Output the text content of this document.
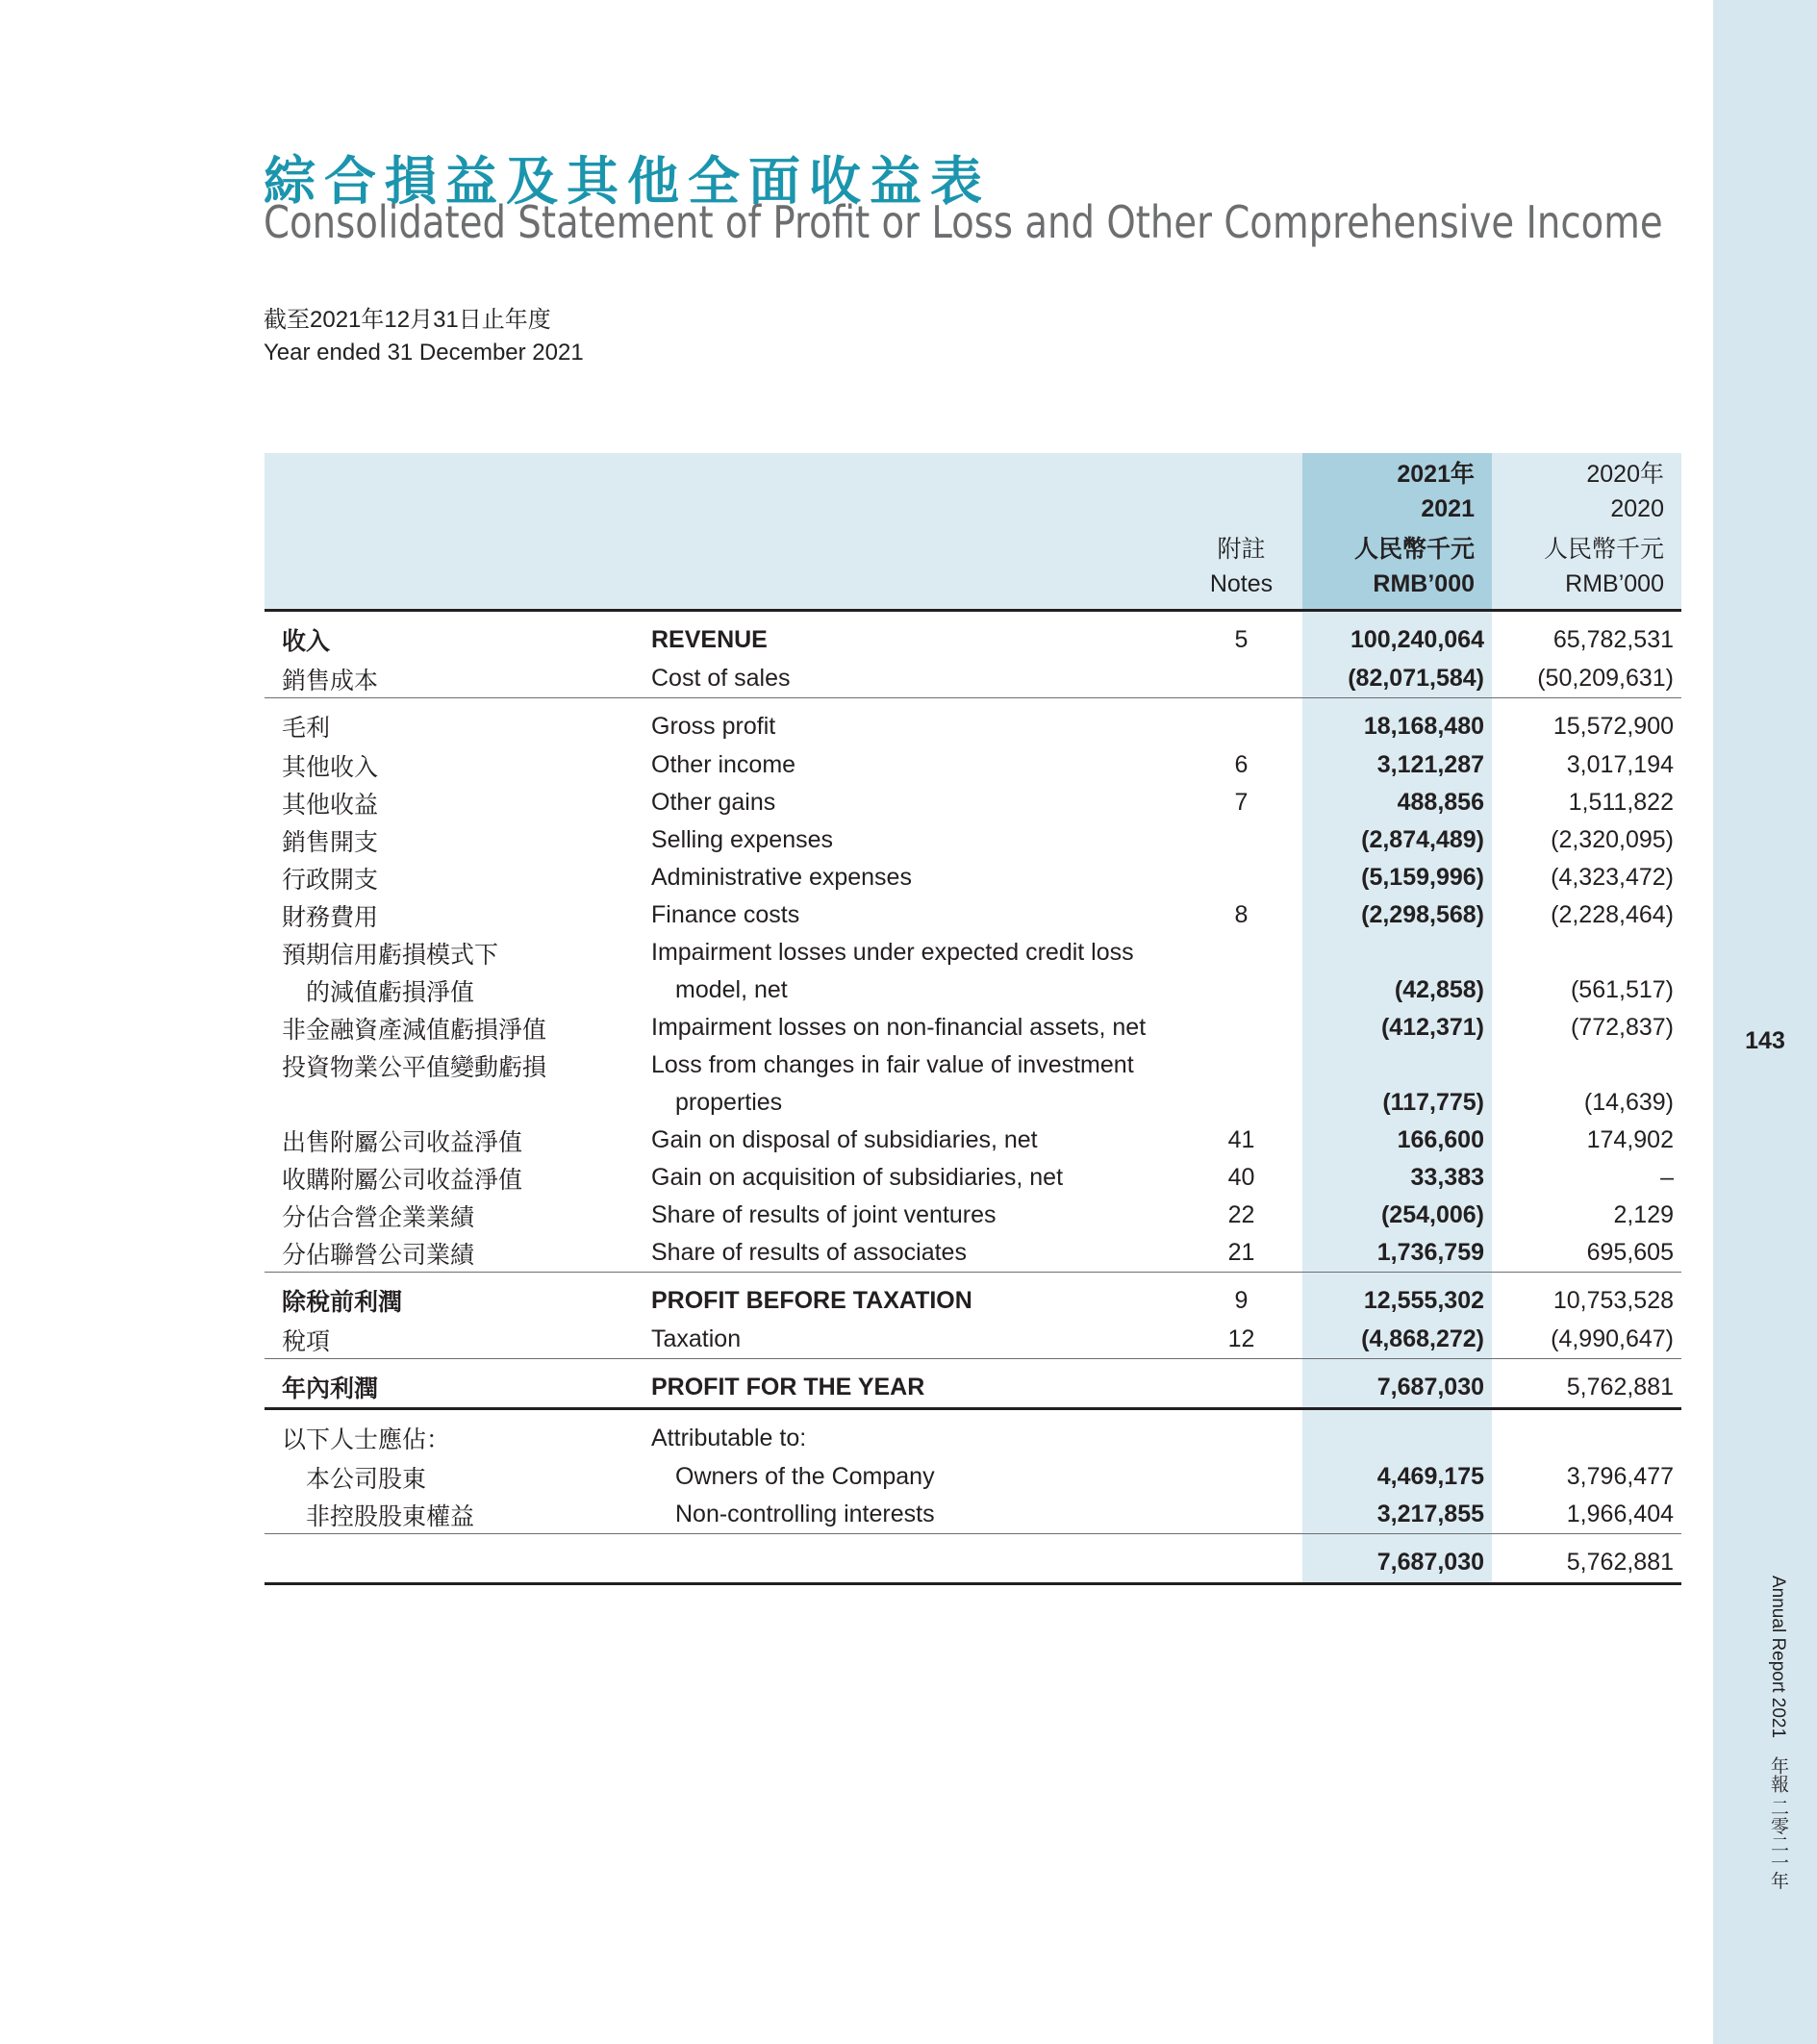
143
Annual Report 2021　年報 二零二一年
綜合損益及其他全面收益表
Consolidated Statement of Profit or Loss and Other Comprehensive Income
截至2021年12月31日止年度
Year ended 31 December 2021
			2021年	2020年
			2021	2020
		附註	人民幣千元	人民幣千元
		Notes	RMB’000	RMB’000
收入	REVENUE	5	100,240,064	65,782,531
銷售成本	Cost of sales		(82,071,584)	(50,209,631)
毛利	Gross profit		18,168,480	15,572,900
其他收入	Other income	6	3,121,287	3,017,194
其他收益	Other gains	7	488,856	1,511,822
銷售開支	Selling expenses		(2,874,489)	(2,320,095)
行政開支	Administrative expenses		(5,159,996)	(4,323,472)
財務費用	Finance costs	8	(2,298,568)	(2,228,464)
預期信用虧損模式下	Impairment losses under expected credit loss			
的減值虧損淨值	model, net		(42,858)	(561,517)
非金融資產減值虧損淨值	Impairment losses on non-financial assets, net		(412,371)	(772,837)
投資物業公平值變動虧損	Loss from changes in fair value of investment			
	properties		(117,775)	(14,639)
出售附屬公司收益淨值	Gain on disposal of subsidiaries, net	41	166,600	174,902
收購附屬公司收益淨值	Gain on acquisition of subsidiaries, net	40	33,383	–
分佔合營企業業績	Share of results of joint ventures	22	(254,006)	2,129
分佔聯營公司業績	Share of results of associates	21	1,736,759	695,605
除稅前利潤	PROFIT BEFORE TAXATION	9	12,555,302	10,753,528
稅項	Taxation	12	(4,868,272)	(4,990,647)
年內利潤	PROFIT FOR THE YEAR		7,687,030	5,762,881
以下人士應佔：	Attributable to:			
本公司股東	Owners of the Company		4,469,175	3,796,477
非控股股東權益	Non-controlling interests		3,217,855	1,966,404
			7,687,030	5,762,881
